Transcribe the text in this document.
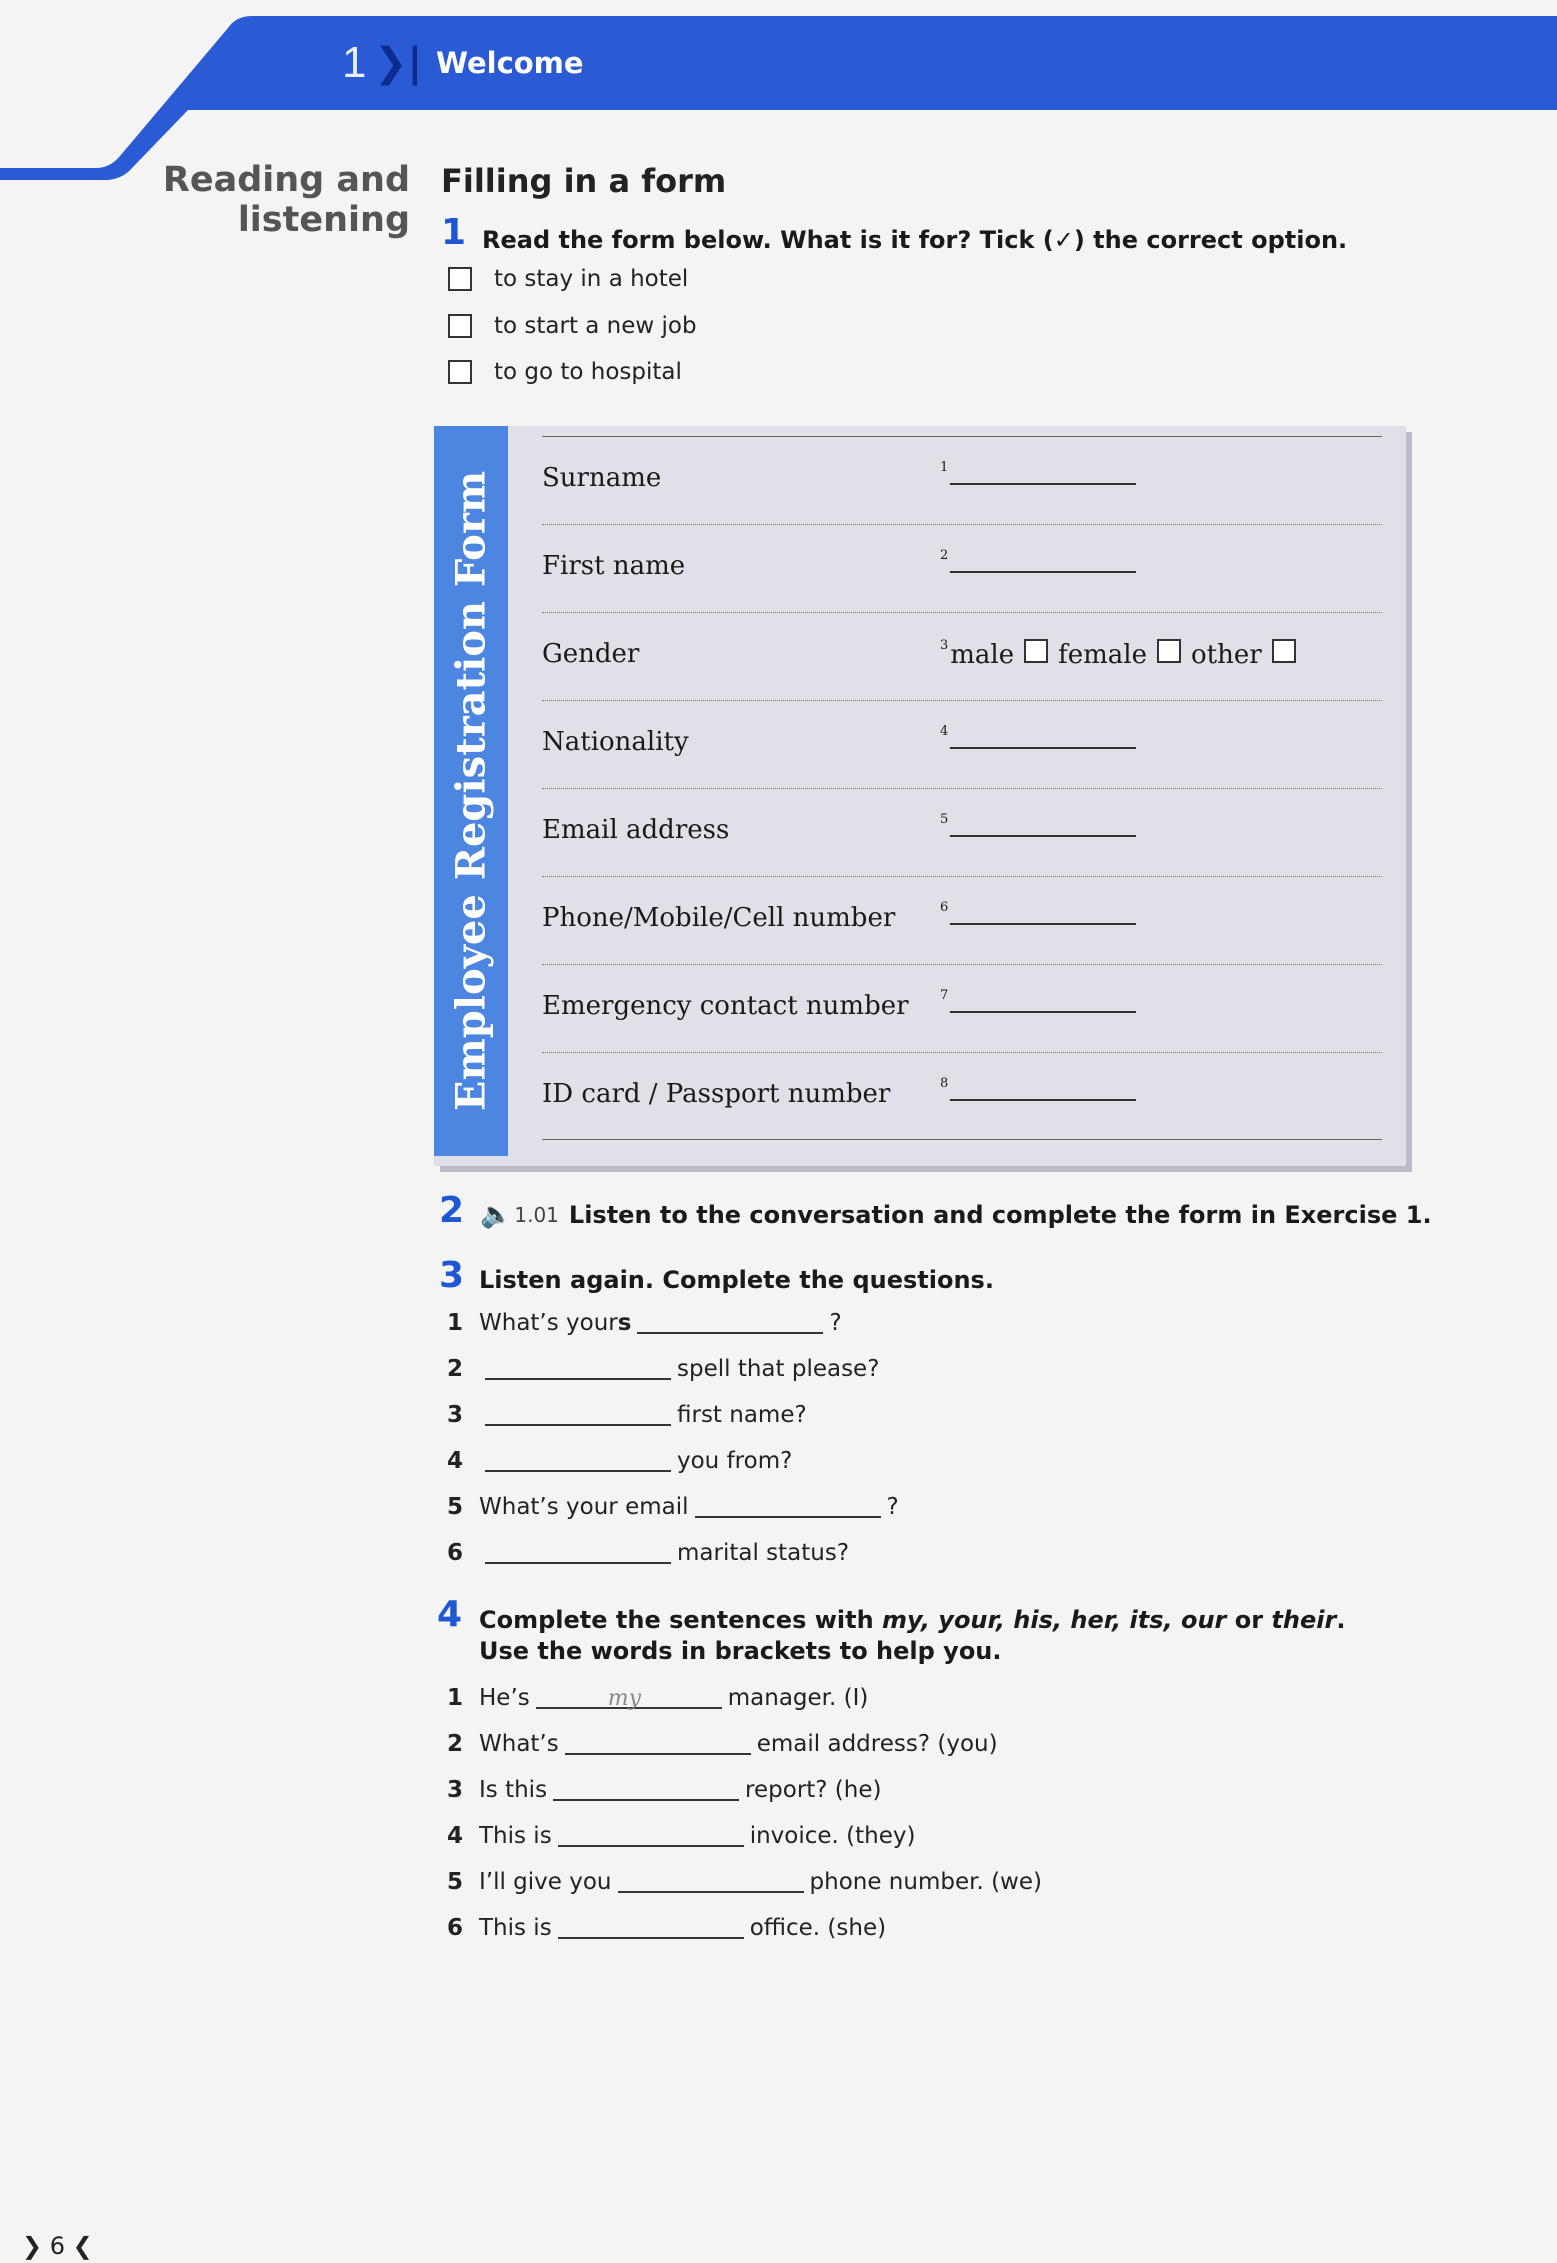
1 ❯| Welcome
Reading and
listening
Filling in a form
1 Read the form below. What is it for? Tick (✓) the correct option.
to stay in a hotel
to start a new job
to go to hospital
Employee Registration Form	Surname	1
First name	2
Gender	3 male female other
Nationality	4
Email address	5
Phone/Mobile/Cell number	6
Emergency contact number 7
ID card / Passport number	8
2 🔈 1.01 Listen to the conversation and complete the form in Exercise 1.
3 Listen again. Complete the questions.
1 What’s your s	?
2	spell that please?
3	first name?
4	you from?
5 What’s your email	?
6	marital status?
4 Complete the sentences with my, your, his, her, its, our or their. Use the words in brackets to help you.
1 He’s	my	manager. (I)
2 What’s	email address? (you)
3 Is this	report? (he)
4 This is	invoice. (they)
5 I’ll give you	phone number. (we)
6 This is	office. (she)
❯ 6 ❮
